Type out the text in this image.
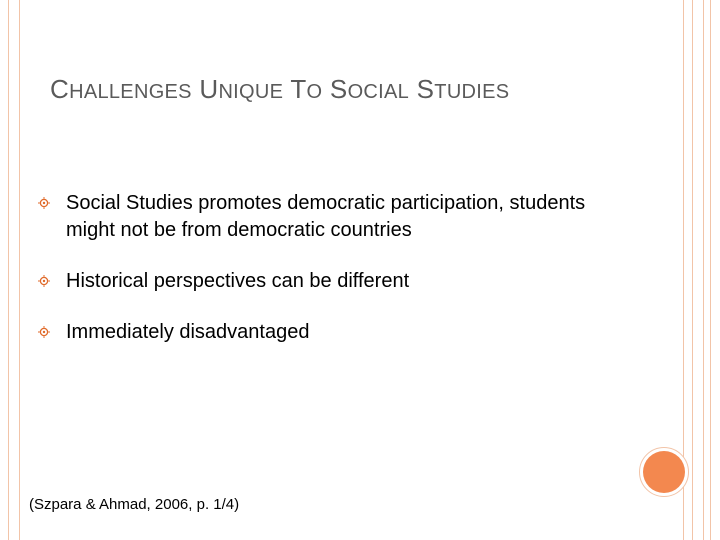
CHALLENGES UNIQUE TO SOCIAL STUDIES
Social Studies promotes democratic participation, students might not be from democratic countries
Historical perspectives can be different
Immediately disadvantaged
(Szpara & Ahmad, 2006, p. 1/4)
